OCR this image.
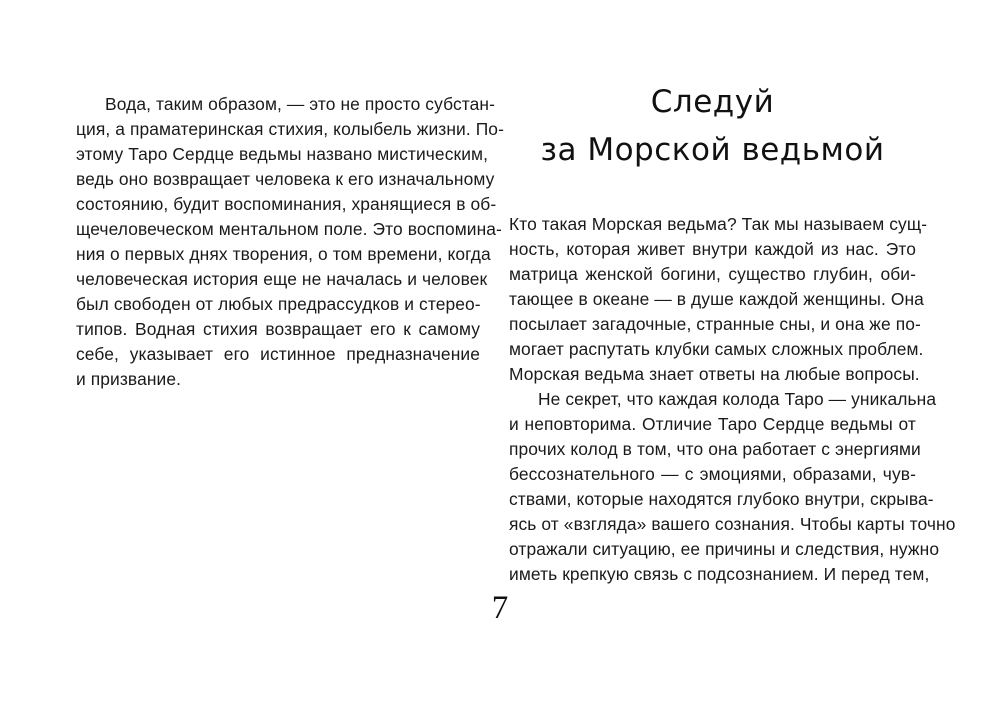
Вода, таким образом, — это не просто субстан-
ция, а праматеринская стихия, колыбель жизни. По-
этому Таро Сердце ведьмы названо мистическим,
ведь оно возвращает человека к его изначальному
состоянию, будит воспоминания, хранящиеся в об-
щечеловеческом ментальном поле. Это воспомина-
ния о первых днях творения, о том времени, когда
человеческая история еще не началась и человек
был свободен от любых предрассудков и стерео-
типов. Водная стихия возвращает его к самому
себе, указывает его истинное предназначение
и призвание.
Следуй
за Морской ведьмой
Кто такая Морская ведьма? Так мы называем сущ-
ность, которая живет внутри каждой из нас. Это
матрица женской богини, существо глубин, оби-
тающее в океане — в душе каждой женщины. Она
посылает загадочные, странные сны, и она же по-
могает распутать клубки самых сложных проблем.
Морская ведьма знает ответы на любые вопросы.
Не секрет, что каждая колода Таро — уникальна
и неповторима. Отличие Таро Сердце ведьмы от
прочих колод в том, что она работает с энергиями
бессознательного — с эмоциями, образами, чув-
ствами, которые находятся глубоко внутри, скрыва-
ясь от «взгляда» вашего сознания. Чтобы карты точно
отражали ситуацию, ее причины и следствия, нужно
иметь крепкую связь с подсознанием. И перед тем,
7
